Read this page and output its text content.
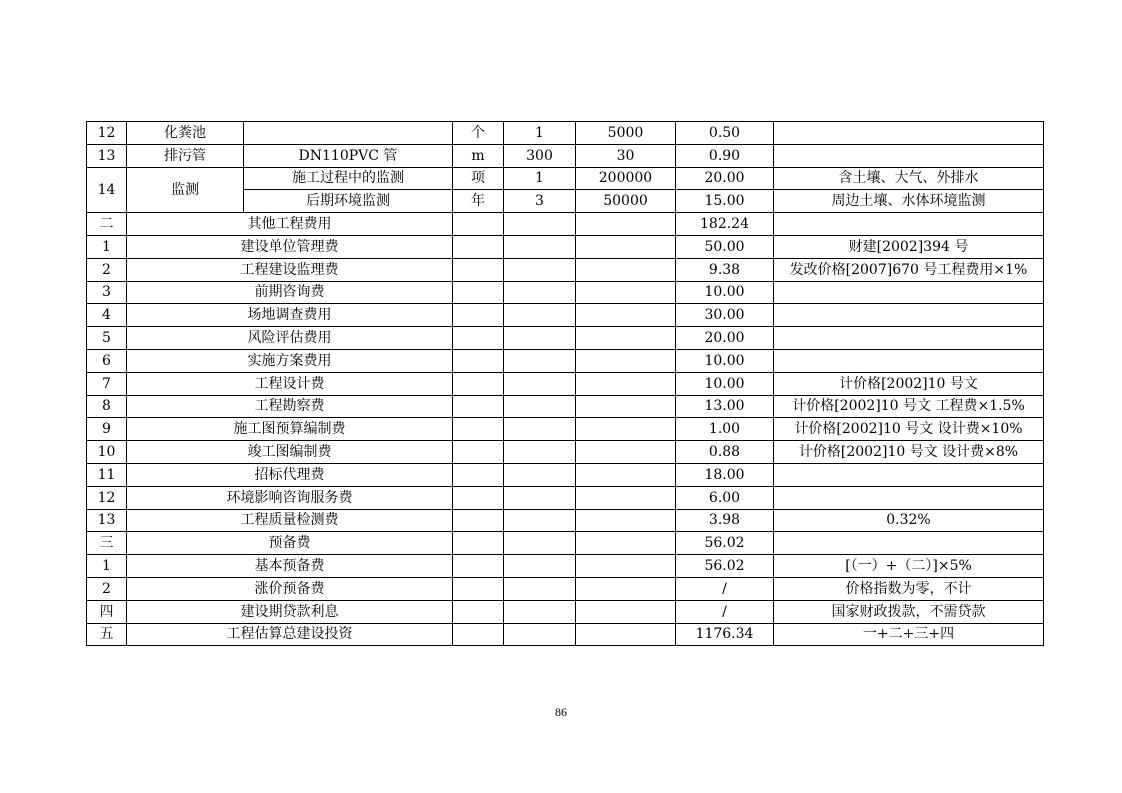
12	化粪池		个	1	5000	0.50	
13	排污管	DN110PVC 管	m	300	30	0.90	
14	监测	施工过程中的监测	项	1	200000	20.00	含土壤、大气、外排水
		后期环境监测	年	3	50000	15.00	周边土壤、水体环境监测
二	其他工程费用					182.24	
1	建设单位管理费					50.00	财建[2002]394 号
2	工程建设监理费					9.38	发改价格[2007]670 号工程费用×1%
3	前期咨询费					10.00	
4	场地调查费用					30.00	
5	风险评估费用					20.00	
6	实施方案费用					10.00	
7	工程设计费					10.00	计价格[2002]10 号文
8	工程勘察费					13.00	计价格[2002]10 号文 工程费×1.5%
9	施工图预算编制费					1.00	计价格[2002]10 号文 设计费×10%
10	竣工图编制费					0.88	计价格[2002]10 号文 设计费×8%
11	招标代理费					18.00	
12	环境影响咨询服务费					6.00	
13	工程质量检测费					3.98	0.32%
三	预备费					56.02	
1	基本预备费					56.02	[（一）+（二）]×5%
2	涨价预备费					/	价格指数为零，不计
四	建设期贷款利息					/	国家财政拨款，不需贷款
五	工程估算总建设投资					1176.34	一+二+三+四
86
